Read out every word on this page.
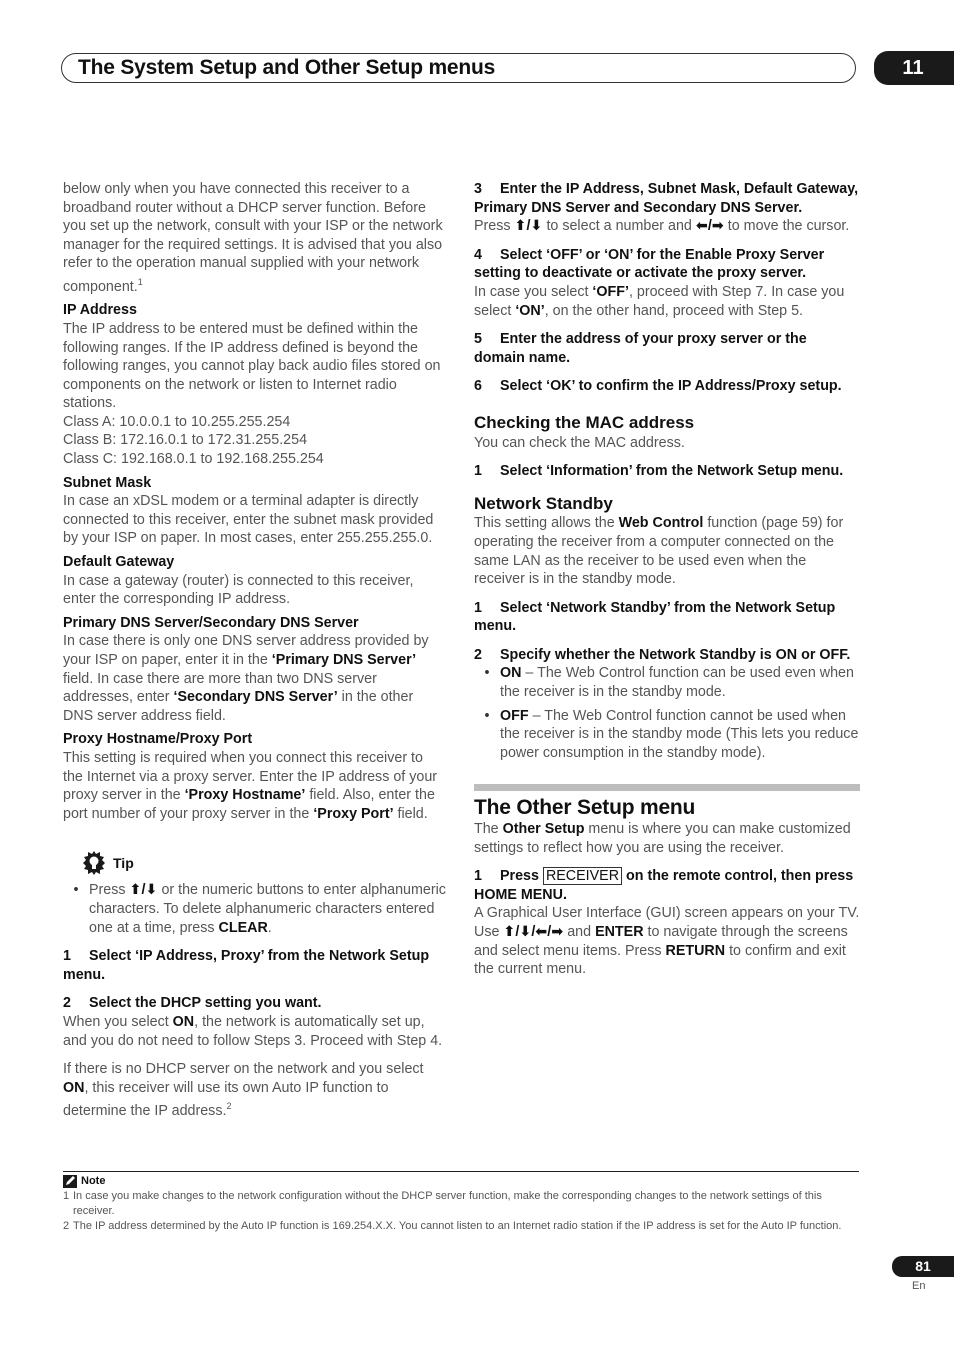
The System Setup and Other Setup menus	11

below only when you have connected this receiver to a broadband router without a DHCP server function. Before you set up the network, consult with your ISP or the network manager for the required settings. It is advised that you also refer to the operation manual supplied with your network component.$^1$

IP Address

The IP address to be entered must be defined within the following ranges. If the IP address defined is beyond the following ranges, you cannot play back audio files stored on components on the network or listen to Internet radio stations.

Class A: 10.0.0.1 to 10.255.255.254

Class B: 172.16.0.1 to 172.31.255.254

Class C: 192.168.0.1 to 192.168.255.254

Subnet Mask

In case an xDSL modem or a terminal adapter is directly connected to this receiver, enter the subnet mask provided by your ISP on paper. In most cases, enter 255.255.255.0.

Default Gateway

In case a gateway (router) is connected to this receiver, enter the corresponding IP address.

Primary DNS Server/Secondary DNS Server

In case there is only one DNS server address provided by your ISP on paper, enter it in the ‘Primary DNS Server’ field. In case there are more than two DNS server addresses, enter ‘Secondary DNS Server’ in the other DNS server address field.

Proxy Hostname/Proxy Port

This setting is required when you connect this receiver to the Internet via a proxy server. Enter the IP address of your proxy server in the ‘Proxy Hostname’ field. Also, enter the port number of your proxy server in the ‘Proxy Port’ field.

Tip
• Press ⬆/⬇ or the numeric buttons to enter alphanumeric characters. To delete alphanumeric characters entered one at a time, press CLEAR.

1 Select ‘IP Address, Proxy’ from the Network Setup menu.

2 Select the DHCP setting you want.

When you select ON, the network is automatically set up, and you do not need to follow Steps 3. Proceed with Step 4.

If there is no DHCP server on the network and you select ON, this receiver will use its own Auto IP function to determine the IP address.$^2$

3 Enter the IP Address, Subnet Mask, Default Gateway, Primary DNS Server and Secondary DNS Server.

Press ⬆/⬇ to select a number and ⬅/➡ to move the cursor.

4 Select ‘OFF’ or ‘ON’ for the Enable Proxy Server setting to deactivate or activate the proxy server.

In case you select ‘OFF’, proceed with Step 7. In case you select ‘ON’, on the other hand, proceed with Step 5.

5 Enter the address of your proxy server or the domain name.

6 Select ‘OK’ to confirm the IP Address/Proxy setup.

Checking the MAC address

You can check the MAC address.

1 Select ‘Information’ from the Network Setup menu.

Network Standby

This setting allows the Web Control function (page 59) for operating the receiver from a computer connected on the same LAN as the receiver to be used even when the receiver is in the standby mode.

1 Select ‘Network Standby’ from the Network Setup menu.

2 Specify whether the Network Standby is ON or OFF.

• ON – The Web Control function can be used even when the receiver is in the standby mode.
• OFF – The Web Control function cannot be used when the receiver is in the standby mode (This lets you reduce power consumption in the standby mode).

The Other Setup menu

The Other Setup menu is where you can make customized settings to reflect how you are using the receiver.

1 Press RECEIVER on the remote control, then press HOME MENU.

A Graphical User Interface (GUI) screen appears on your TV. Use ⬆/⬇/⬅/➡ and ENTER to navigate through the screens and select menu items. Press RETURN to confirm and exit the current menu.

Note
1 In case you make changes to the network configuration without the DHCP server function, make the corresponding changes to the network settings of this receiver.
2 The IP address determined by the Auto IP function is 169.254.X.X. You cannot listen to an Internet radio station if the IP address is set for the Auto IP function.
81
En
